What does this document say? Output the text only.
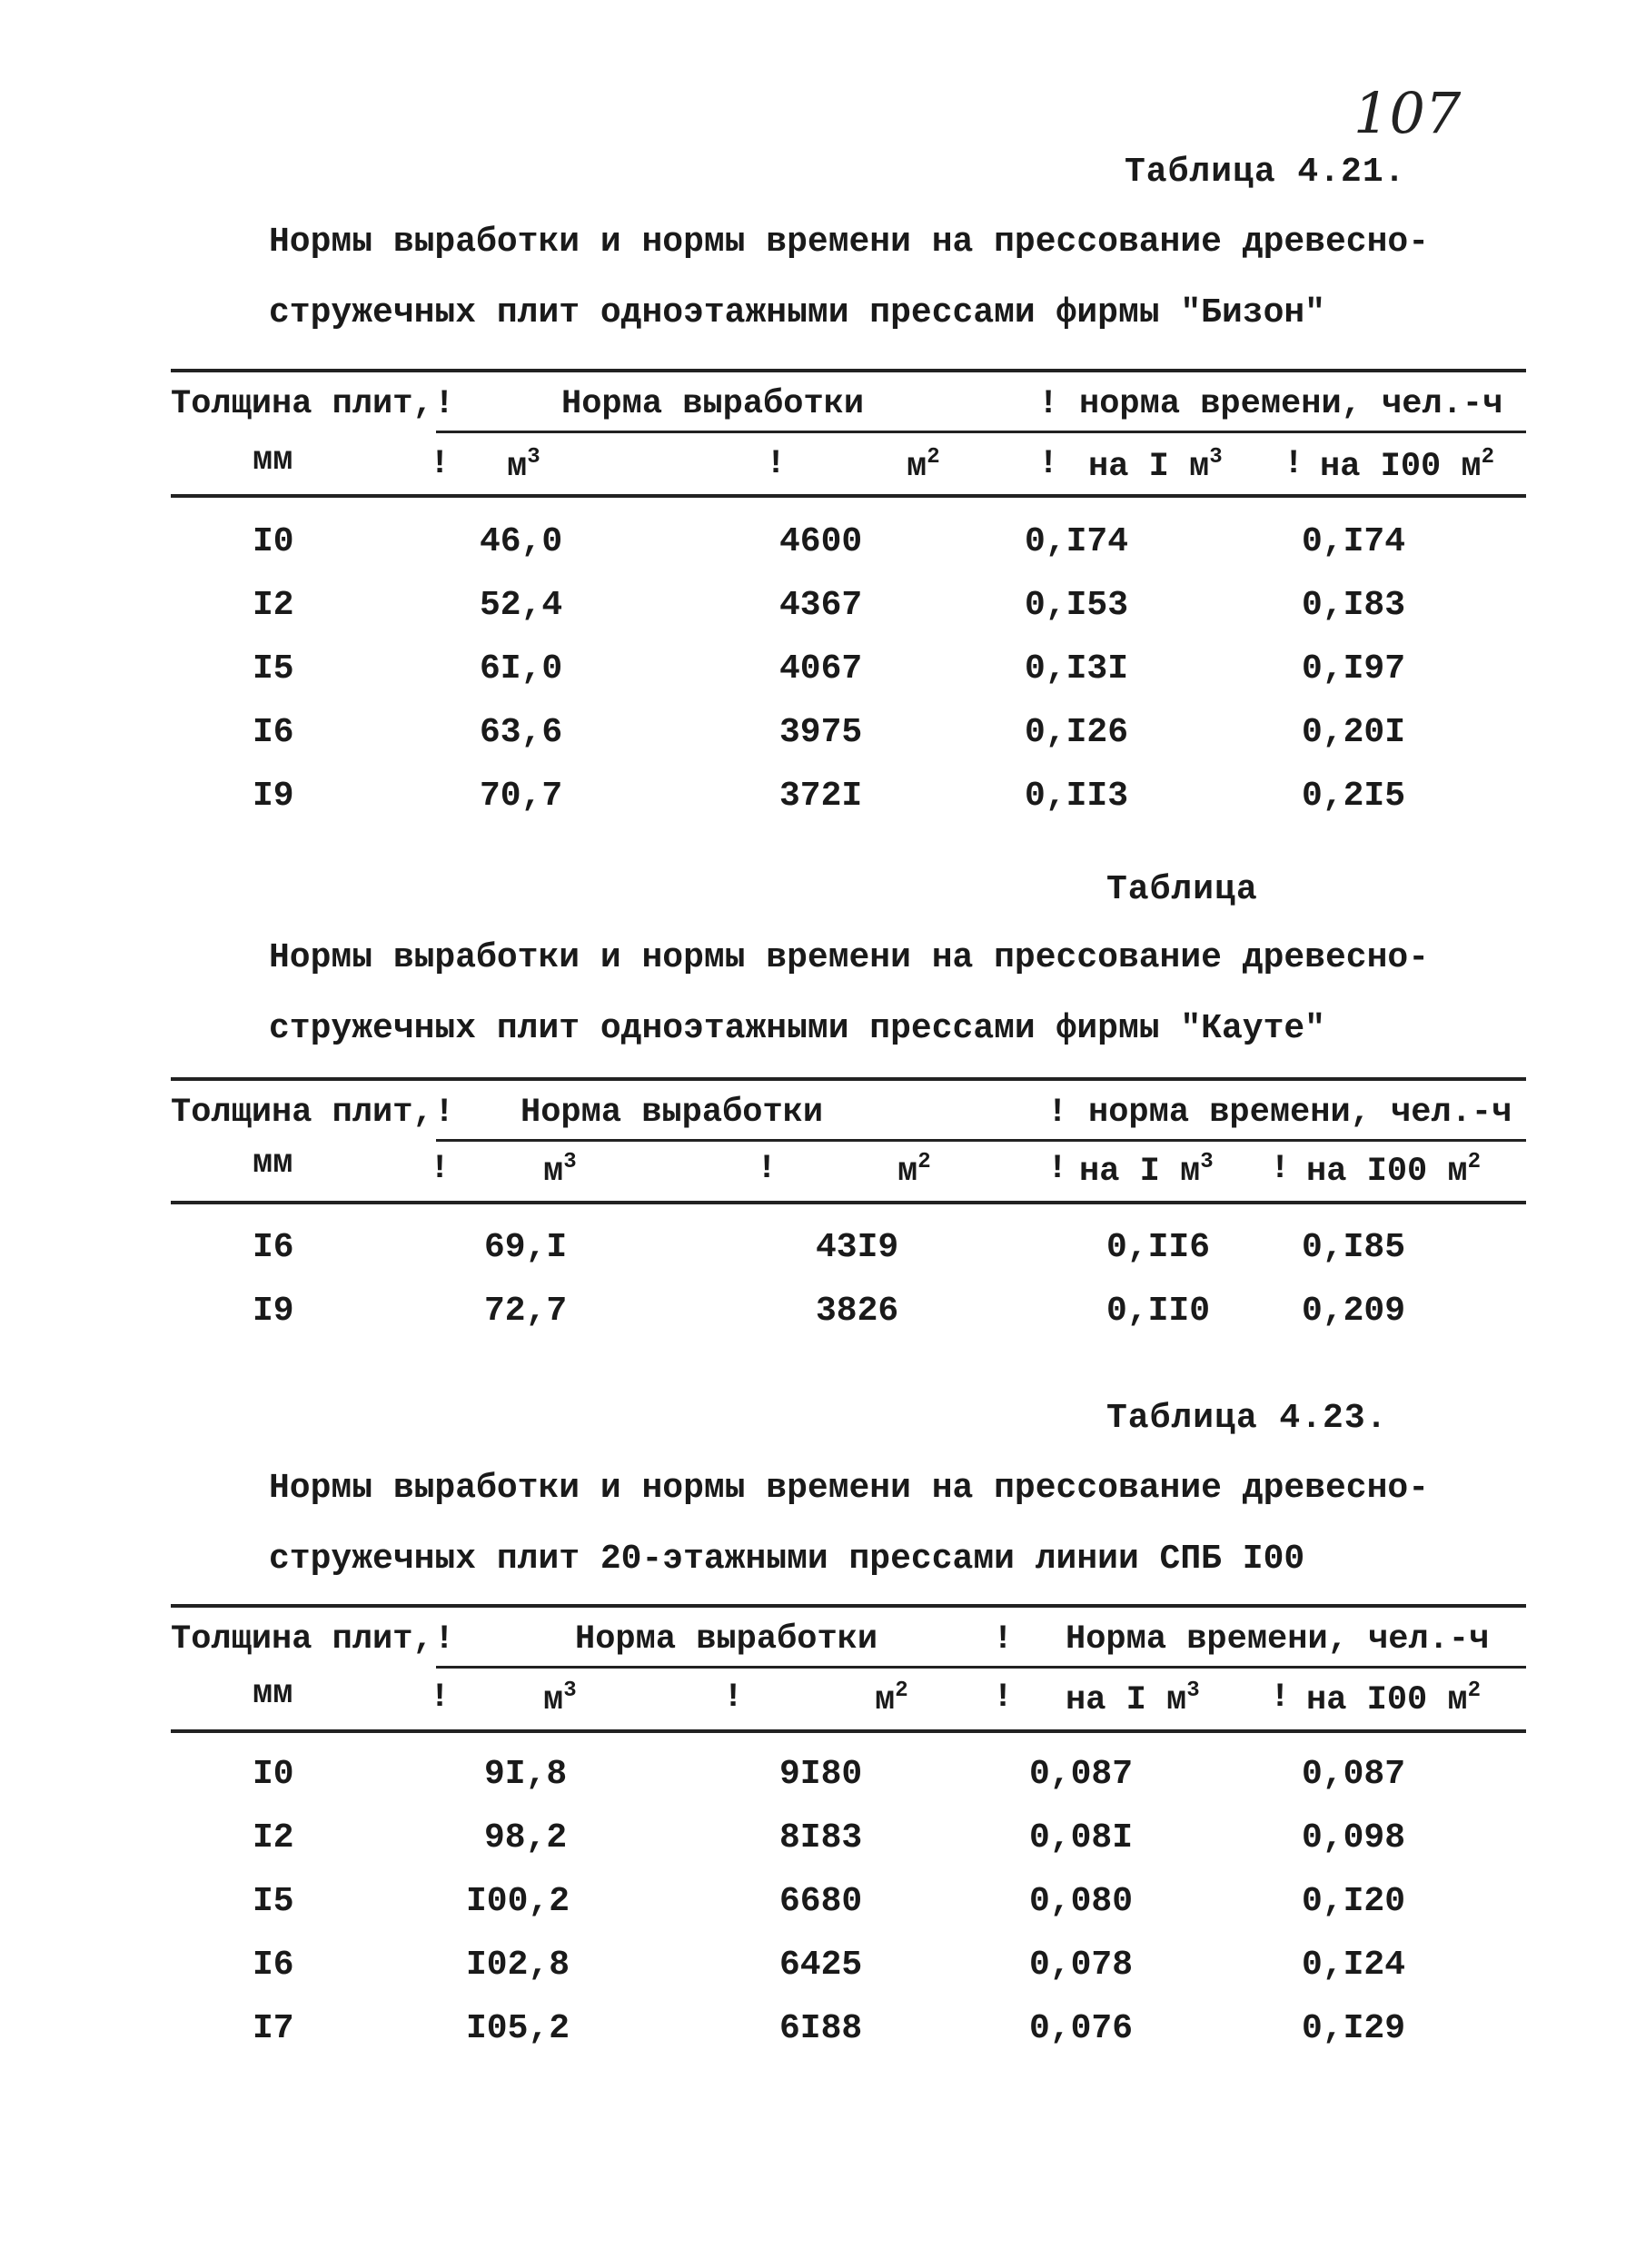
107
Таблица 4.21.
Нормы выработки и нормы времени на прессование древесно-
стружечных плит одноэтажными прессами фирмы "Бизон"
Толщина плит,
мм
!	Норма выработки	! норма времени, чел.-ч
! $м^3$	!	$м^2$	! на I $м^3$ ! на I00 $м^2$
I0	46,0	4600	0,I74	0,I74
I2	52,4	4367	0,I53	0,I83
I5	6I,0	4067	0,I3I	0,I97
I6	63,6	3975	0,I26	0,20I
I9	70,7	372I	0,II3	0,2I5
Таблица
Нормы выработки и нормы времени на прессование древесно-
стружечных плит одноэтажными прессами фирмы "Кауте"
Толщина плит,
мм
! Норма выработки	! норма времени, чел.-ч
!	$м^3$	!	$м^2$	! на I $м^3$ ! на I00 $м^2$
I6	69,I	43I9	0,II6	0,I85
I9	72,7	3826	0,II0	0,209
Таблица 4.23.
Нормы выработки и нормы времени на прессование древесно-
стружечных плит 20-этажными прессами линии СПБ I00
Толщина плит,
мм
!	Норма выработки	! Норма времени, чел.-ч
!	$м^3$	!	$м^2$	! на I $м^3$ ! на I00 $м^2$
I0	9I,8	9I80	0,087	0,087
I2	98,2	8I83	0,08I	0,098
I5	I00,2	6680	0,080	0,I20
I6	I02,8	6425	0,078	0,I24
I7	I05,2	6I88	0,076	0,I29
